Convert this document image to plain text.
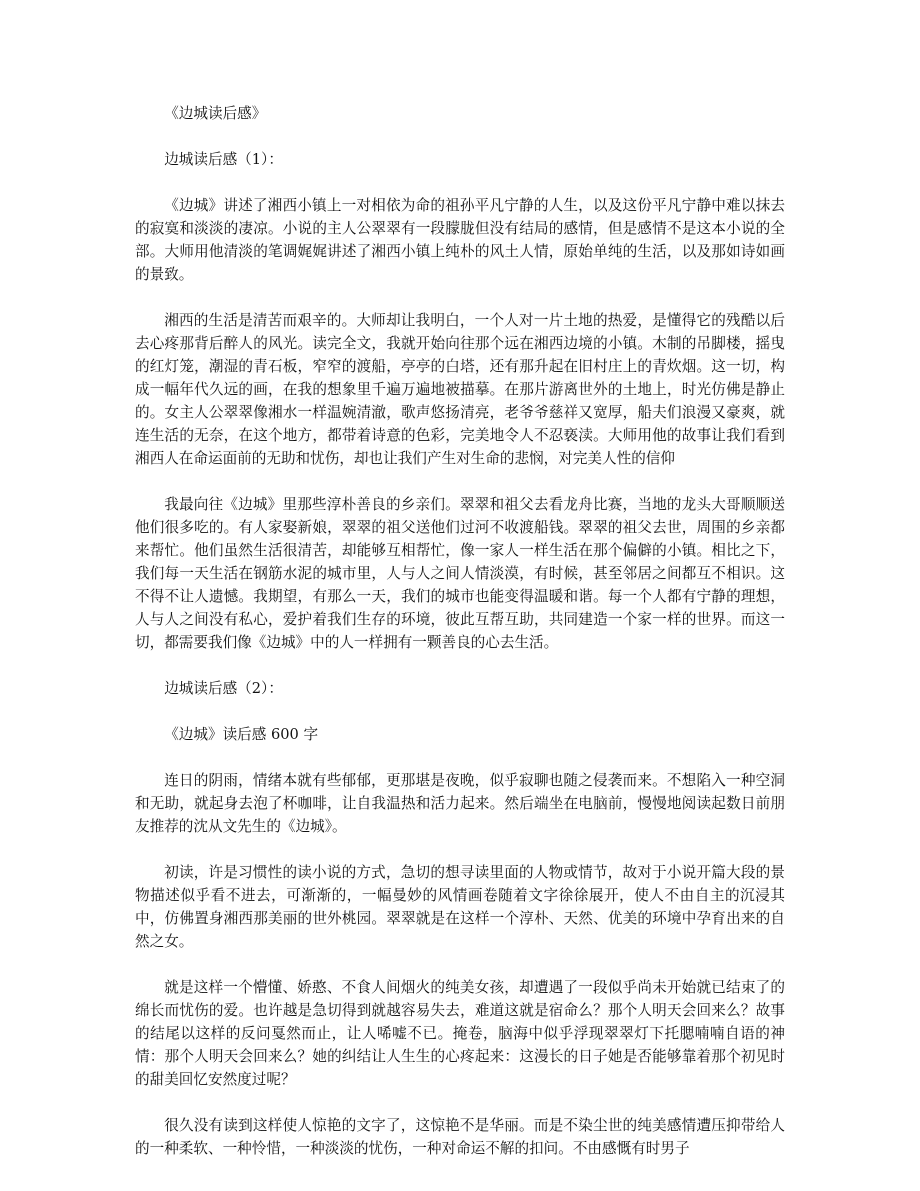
《边城读后感》

边城读后感（1）：

《边城》讲述了湘西小镇上一对相依为命的祖孙平凡宁静的人生，以及这份平凡宁静中难以抹去的寂寞和淡淡的凄凉。小说的主人公翠翠有一段朦胧但没有结局的感情，但是感情不是这本小说的全部。大师用他清淡的笔调娓娓讲述了湘西小镇上纯朴的风土人情，原始单纯的生活，以及那如诗如画的景致。

湘西的生活是清苦而艰辛的。大师却让我明白，一个人对一片土地的热爱，是懂得它的残酷以后去心疼那背后醉人的风光。读完全文，我就开始向往那个远在湘西边境的小镇。木制的吊脚楼，摇曳的红灯笼，潮湿的青石板，窄窄的渡船，亭亭的白塔，还有那升起在旧村庄上的青炊烟。这一切，构成一幅年代久远的画，在我的想象里千遍万遍地被描摹。在那片游离世外的土地上，时光仿佛是静止的。女主人公翠翠像湘水一样温婉清澈，歌声悠扬清亮，老爷爷慈祥又宽厚，船夫们浪漫又豪爽，就连生活的无奈，在这个地方，都带着诗意的色彩，完美地令人不忍亵渎。大师用他的故事让我们看到湘西人在命运面前的无助和忧伤，却也让我们产生对生命的悲悯，对完美人性的信仰

我最向往《边城》里那些淳朴善良的乡亲们。翠翠和祖父去看龙舟比赛，当地的龙头大哥顺顺送他们很多吃的。有人家娶新娘，翠翠的祖父送他们过河不收渡船钱。翠翠的祖父去世，周围的乡亲都来帮忙。他们虽然生活很清苦，却能够互相帮忙，像一家人一样生活在那个偏僻的小镇。相比之下，我们每一天生活在钢筋水泥的城市里，人与人之间人情淡漠，有时候，甚至邻居之间都互不相识。这不得不让人遗憾。我期望，有那么一天，我们的城市也能变得温暖和谐。每一个人都有宁静的理想，人与人之间没有私心，爱护着我们生存的环境，彼此互帮互助，共同建造一个家一样的世界。而这一切，都需要我们像《边城》中的人一样拥有一颗善良的心去生活。

边城读后感（2）：

《边城》读后感 600 字

连日的阴雨，情绪本就有些郁郁，更那堪是夜晚，似乎寂聊也随之侵袭而来。不想陷入一种空洞和无助，就起身去泡了杯咖啡，让自我温热和活力起来。然后端坐在电脑前，慢慢地阅读起数日前朋友推荐的沈从文先生的《边城》。

初读，许是习惯性的读小说的方式，急切的想寻读里面的人物或情节，故对于小说开篇大段的景物描述似乎看不进去，可渐渐的，一幅曼妙的风情画卷随着文字徐徐展开，使人不由自主的沉浸其中，仿佛置身湘西那美丽的世外桃园。翠翠就是在这样一个淳朴、天然、优美的环境中孕育出来的自然之女。

就是这样一个懵懂、娇憨、不食人间烟火的纯美女孩，却遭遇了一段似乎尚未开始就已结束了的绵长而忧伤的爱。也许越是急切得到就越容易失去，难道这就是宿命么？那个人明天会回来么？故事的结尾以这样的反问戛然而止，让人唏嘘不已。掩卷，脑海中似乎浮现翠翠灯下托腮喃喃自语的神情：那个人明天会回来么？她的纠结让人生生的心疼起来：这漫长的日子她是否能够靠着那个初见时的甜美回忆安然度过呢？

很久没有读到这样使人惊艳的文字了，这惊艳不是华丽。而是不染尘世的纯美感情遭压抑带给人的一种柔软、一种怜惜，一种淡淡的忧伤，一种对命运不解的扣问。不由感慨有时男子
